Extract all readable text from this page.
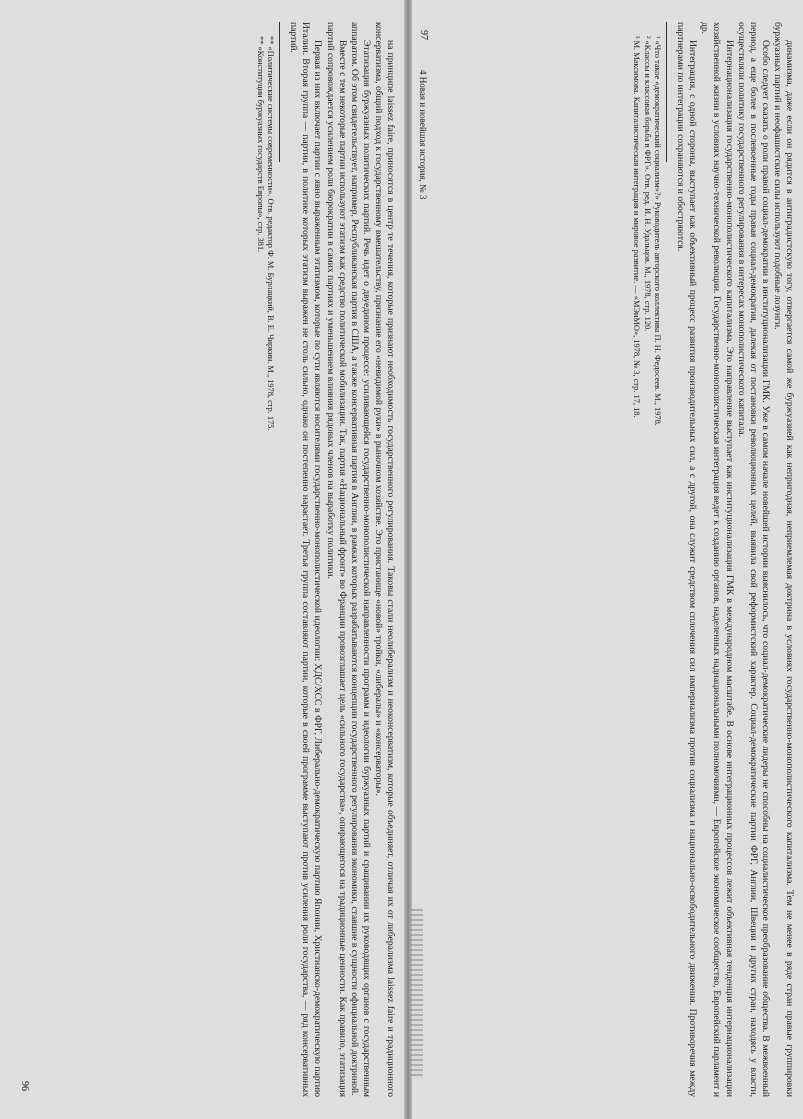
на принципе laissez faire, приносятся в центр те течения, которые признают необходимость государственного регулирования. Таковы стали неолиберализм и неоконсерватизм, которые объединяет, отличая их от либерализма laissez faire и традиционного консерватизма, общий подход к государственному вмешательству, признание его «невидимой руки» в рыночном хозяйстве. Это пристанище «новой» тройки, «либералы» и «консерваторы».

Этатизация буржуазных политических партий. Речь идет о двуедином процессе: усиливающейся государственно-монополистической направленности программ и идеологии буржуазных партий и сращивании их руководящих органов с государственным аппаратом. Об этом свидетельствует, например, Республиканская партия в США, а также консервативная партия в Англии, в рамках которых разрабатываются концепции государственного регулирования экономики, ставшие в сущности официальной доктриной.

Вместе с тем некоторые партии используют этатизм как средство политической мобилизации. Так, партия «Национальный фронт» во Франции провозглашает цель «сильного государства», опирающегося на традиционные ценности. Как правило, этатизация партий сопровождается усилением роли бюрократии в самих партиях и уменьшением влияния рядовых членов на выработку политики.

Первая из них включает партии с явно выраженным этатизмом, которые по сути являются носителями государственно-монополистической идеологии: ХДС/ХСС в ФРГ, Либерально-демократическую партию Японии, Христианско-демократическую партию Италии. Вторая группа — партии, в политике которых этатизм выражен не столь сильно, однако он постепенно нарастает. Третья группа составляют партии, которые в своей программе выступают против усиления роли государства, — ряд консервативных партий.

** «Политические системы современности». Отв. редактор Ф. М. Бурлацкий, В. Е. Чиркин. М., 1978, стр. 175.

** «Конституции буржуазных государств Европы», стр. 381.

96	динамизма, даже если он рядится в антиградистскую тогу, отвергается самой же буржуазией как непригодная, неприемлемая доктрина в условиях государственно-монополистического капитализма. Тем не менее в ряде стран правые группировки буржуазных партий и неофашистские силы используют подобные лозунги.

Особо следует сказать о роли правой социал-демократии в институционализации ГМК. Уже в самом начале новейшей истории выяснилось, что социал-демократические лидеры не способны на социалистическое преобразование общества. В межвоенный период, а еще более в послевоенные годы правая социал-демократия, далекая от постановки революционных целей, выявила свой реформистский характер. Социал-демократические партии ФРГ, Англии, Швеции и других стран, находясь у власти, осуществляли политику государственного регулирования в интересах монополистического капитала.

Интернационализация государственно-монополистического капитализма. Это направление выступает как институционализация ГМК в международном масштабе. В основе интеграционных процессов лежит объективная тенденция интернационализации хозяйственной жизни в условиях научно-технической революции. Государственно-монополистическая интеграция ведет к созданию органов, наделенных наднациональными полномочиями, — Европейское экономическое сообщество, Европейский парламент и др.

Интеграция, с одной стороны, выступает как объективный процесс развития производительных сил, а с другой, она служит средством сплочения сил империализма против социализма и национально-освободительного движения. Противоречия между партнерами по интеграции сохраняются и обостряются.

¹ «Что такое «демократический социализм»?» Руководитель авторского коллектива П. Н. Федосеев. М., 1978.

² «Классы и классовая борьба в ФРГ». Отв. ред. И. Н. Удальцов. М., 1978, стр. 120.

³ М. Максимова. Капиталистическая интеграция и мировое развитие. — «МЭиМО», 1978, № 3, стр. 17, 18.

4 Новая и новейшая история, № 3
97
